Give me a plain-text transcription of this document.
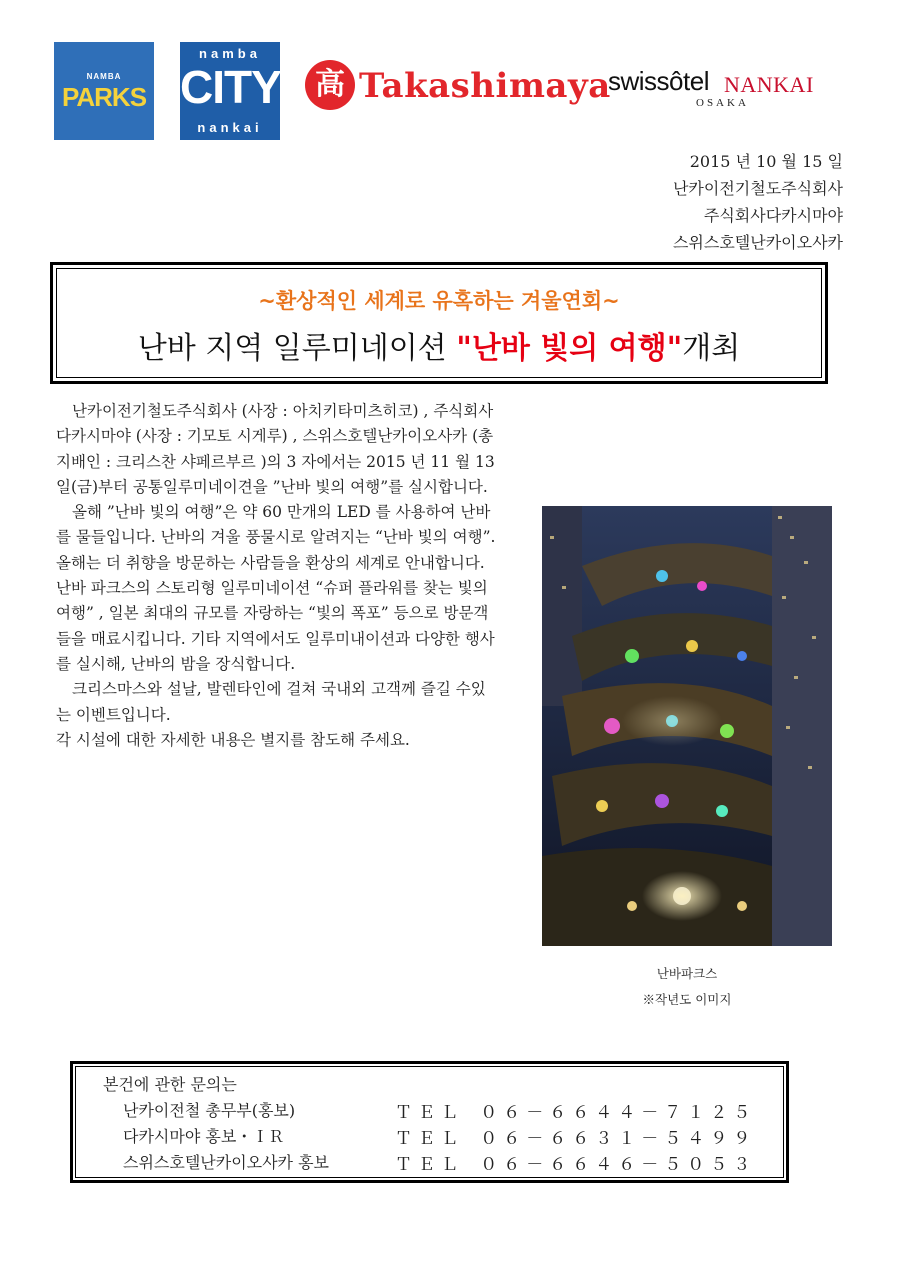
NAMBA
PARKS
namba
CITY
nankai
高 Takashimaya
swissôtel NANKAI
OSAKA
2015 년 10 월 15 일
난카이전기철도주식회사
주식회사다카시마야
스위스호텔난카이오사카
~환상적인 세계로 유혹하는 겨울연회~
난바 지역 일루미네이션 "난바 빛의 여행"개최

난카이전기철도주식회사 (사장 : 아치키타미츠히코) , 주식회사다카시마야 (사장 : 기모토 시게루) , 스위스호텔난카이오사카 (총지배인 : 크리스찬 샤페르부르 )의 3 자에서는 2015 년 11 월 13 일(금)부터 공통일루미네이견을 ”난바 빛의 여행”를 실시합니다.

올해 ”난바 빛의 여행”은 약 60 만개의 LED 를 사용하여 난바를 물들입니다. 난바의 겨울 풍물시로 알려지는 “난바 빛의 여행”. 올해는 더 취향을 방문하는 사람들을 환상의 세계로 안내합니다. 난바 파크스의 스토리형 일루미네이션 “슈퍼 플라워를 찾는 빛의 여행” , 일본 최대의 규모를 자랑하는 “빛의 폭포” 등으로 방문객들을 매료시킵니다. 기타 지역에서도 일루미내이션과 다양한 행사를 실시해, 난바의 밤을 장식합니다.

크리스마스와 설날, 발렌타인에 걸쳐 국내외 고객께 즐길 수있는 이벤트입니다.

각 시설에 대한 자세한 내용은 별지를 참도해 주세요.

난바파크스
※작년도 이미지
본건에 관한 문의는
난카이전철 총무부(홍보)	ＴＥＬ ０６－６６４４－７１２５
다카시마야 홍보・ＩＲ	ＴＥＬ ０６－６６３１－５４９９
스위스호텔난카이오사카 홍보	ＴＥＬ ０６－６６４６－５０５３
